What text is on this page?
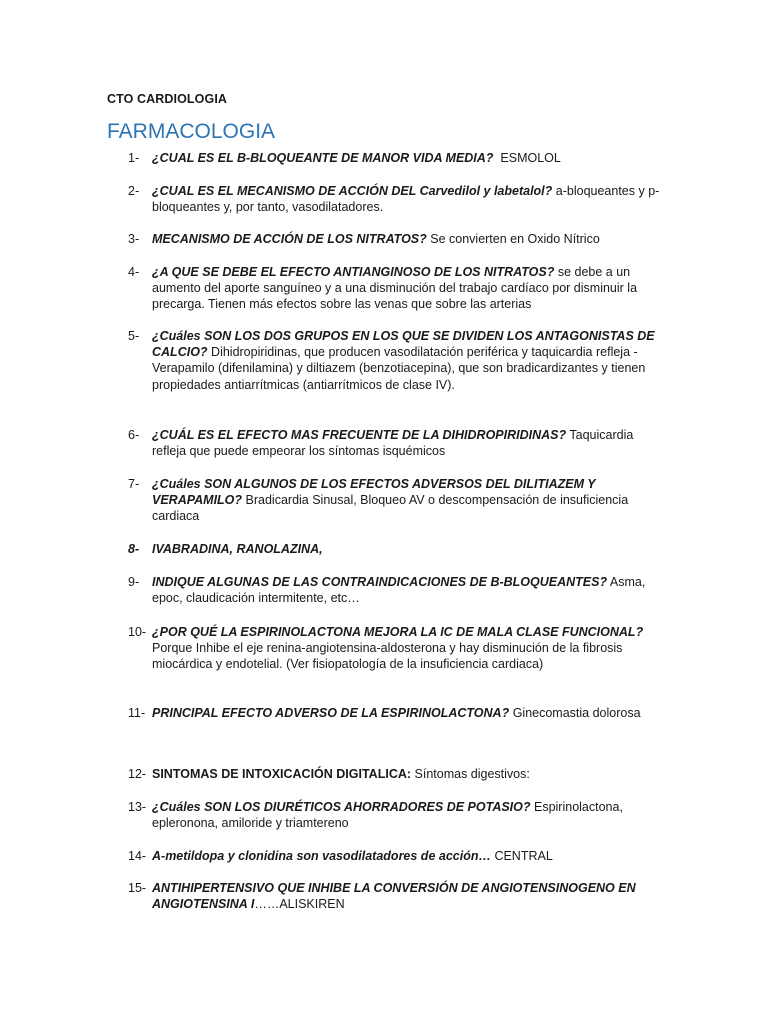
CTO CARDIOLOGIA
FARMACOLOGIA
1- ¿CUAL ES EL B-BLOQUEANTE DE MANOR VIDA MEDIA?  ESMOLOL
2- ¿CUAL ES EL MECANISMO DE ACCIÓN DEL Carvedilol y labetalol? a-bloqueantes y p-bloqueantes y, por tanto, vasodilatadores.
3- MECANISMO DE ACCIÓN DE LOS NITRATOS? Se convierten en Oxido Nítrico
4- ¿A QUE SE DEBE EL EFECTO ANTIANGINOSO DE LOS NITRATOS? se debe a un aumento del aporte sanguíneo y a una disminución del trabajo cardíaco por disminuir la precarga. Tienen más efectos sobre las venas que sobre las arterias
5- ¿Cuáles SON LOS DOS GRUPOS EN LOS QUE SE DIVIDEN LOS ANTAGONISTAS DE CALCIO? Dihidropiridinas, que producen vasodilatación periférica y taquicardia refleja - Verapamilo (difenilamina) y diltiazem (benzotiacepina), que son bradicardizantes y tienen propiedades antiarrítmicas (antiarrítmicos de clase IV).
6- ¿CUÁL ES EL EFECTO MAS FRECUENTE DE LA DIHIDROPIRIDINAS? Taquicardia refleja que puede empeorar los síntomas isquémicos
7- ¿Cuáles SON ALGUNOS DE LOS EFECTOS ADVERSOS DEL DILITIAZEM Y VERAPAMILO? Bradicardia Sinusal, Bloqueo AV o descompensación de insuficiencia cardiaca
8- IVABRADINA, RANOLAZINA,
9- INDIQUE ALGUNAS DE LAS CONTRAINDICACIONES DE B-BLOQUEANTES? Asma, epoc, claudicación intermitente, etc…
10- ¿POR QUÉ LA ESPIRINOLACTONA MEJORA LA IC DE MALA CLASE FUNCIONAL? Porque Inhibe el eje renina-angiotensina-aldosterona y hay disminución de la fibrosis miocárdica y endotelial. (Ver fisiopatología de la insuficiencia cardiaca)
11- PRINCIPAL EFECTO ADVERSO DE LA ESPIRINOLACTONA? Ginecomastia dolorosa
12- SINTOMAS DE INTOXICACIÓN DIGITALICA: Síntomas digestivos:
13- ¿Cuáles SON LOS DIURÉTICOS AHORRADORES DE POTASIO? Espirinolactona, epleronona, amiloride y triamtereno
14- A-metildopa y clonidina son vasodilatadores de acción… CENTRAL
15- ANTIHIPERTENSIVO QUE INHIBE LA CONVERSIÓN DE ANGIOTENSINOGENO EN ANGIOTENSINA I……ALISKIREN
